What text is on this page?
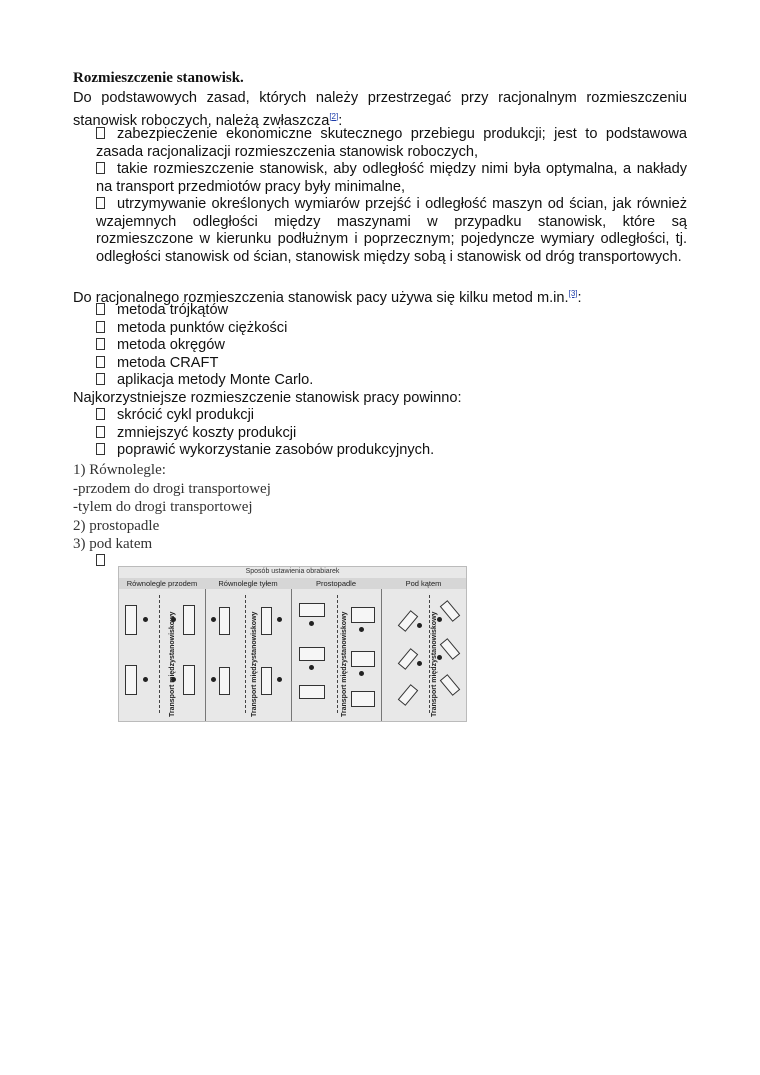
Rozmieszczenie stanowisk.
Do podstawowych zasad, których należy przestrzegać przy racjonalnym rozmieszczeniu stanowisk roboczych, należą zwłaszcza[2]:
zabezpieczenie ekonomiczne skutecznego przebiegu produkcji; jest to podstawowa zasada racjonalizacji rozmieszczenia stanowisk roboczych,
takie rozmieszczenie stanowisk, aby odległość między nimi była optymalna, a nakłady na transport przedmiotów pracy były minimalne,
utrzymywanie określonych wymiarów przejść i odległość maszyn od ścian, jak również wzajemnych odległości między maszynami w przypadku stanowisk, które są rozmieszczone w kierunku podłużnym i poprzecznym; pojedyncze wymiary odległości, tj. odległości stanowisk od ścian, stanowisk między sobą i stanowisk od dróg transportowych.
Do racjonalnego rozmieszczenia stanowisk pacy używa się kilku metod m.in.[3]:
metoda trójkątów
metoda punktów ciężkości
metoda okręgów
metoda CRAFT
aplikacja metody Monte Carlo.
Najkorzystniejsze rozmieszczenie stanowisk pracy powinno:
skrócić cykl produkcji
zmniejszyć koszty produkcji
poprawić wykorzystanie zasobów produkcyjnych.
1) Równolegle:
-przodem do drogi transportowej
-tylem do drogi transportowej
2) prostopadle
3) pod katem
Sposób ustawienia obrabiarek
Równolegle przodem	Równolegle tyłem	Prostopadle	Pod kątem
Transport międzystanowiskowy	Transport międzystanowiskowy	Transport międzystanowiskowy	Transport międzystanowiskowy
